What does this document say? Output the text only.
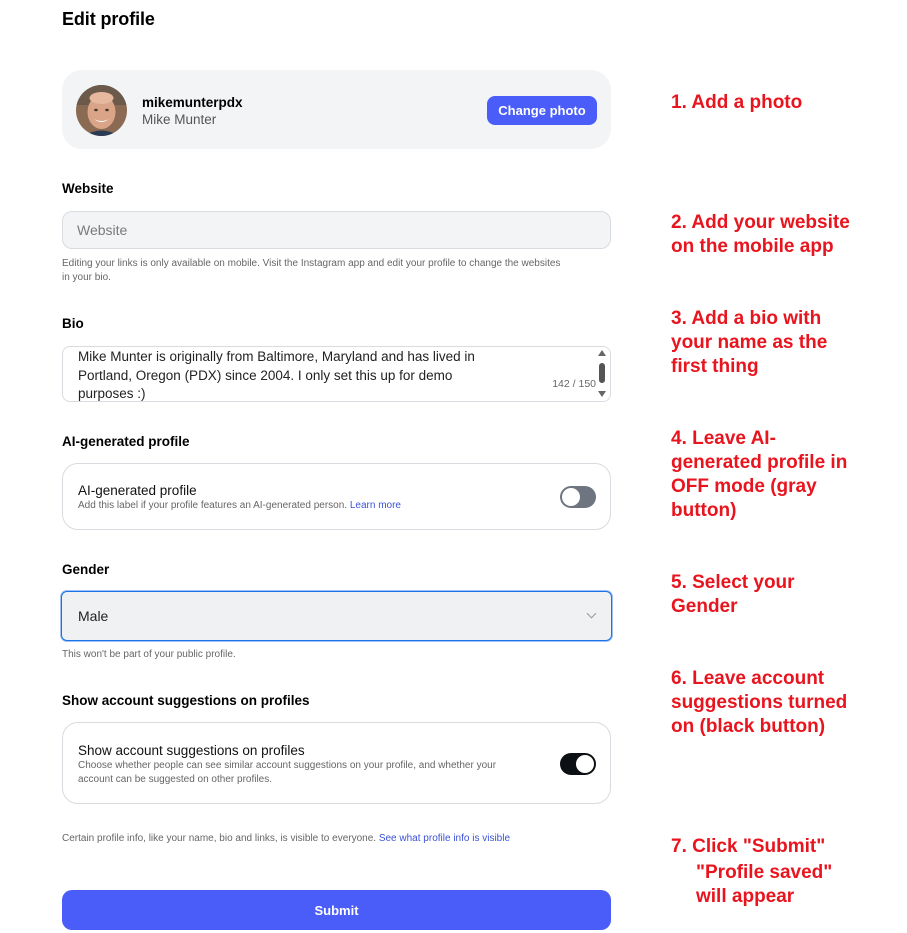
Edit profile
mikemunterpdx
Mike Munter
Change photo
Website
Website
Editing your links is only available on mobile. Visit the Instagram app and edit your profile to change the websites
in your bio.
Bio
Mike Munter is originally from Baltimore, Maryland and has lived in
Portland, Oregon (PDX) since 2004. I only set this up for demo
purposes :)
142 / 150
AI-generated profile
AI-generated profile
Add this label if your profile features an AI-generated person. Learn more
Gender
Male
This won't be part of your public profile.
Show account suggestions on profiles
Show account suggestions on profiles
Choose whether people can see similar account suggestions on your profile, and whether your
account can be suggested on other profiles.
Certain profile info, like your name, bio and links, is visible to everyone. See what profile info is visible
Submit
1. Add a photo
2. Add your website
on the mobile app
3. Add a bio with
your name as the
first thing
4. Leave AI-
generated profile in
OFF mode (gray
button)
5. Select your
Gender
6. Leave account
suggestions turned
on (black button)
7. Click "Submit"
"Profile saved"
will appear
